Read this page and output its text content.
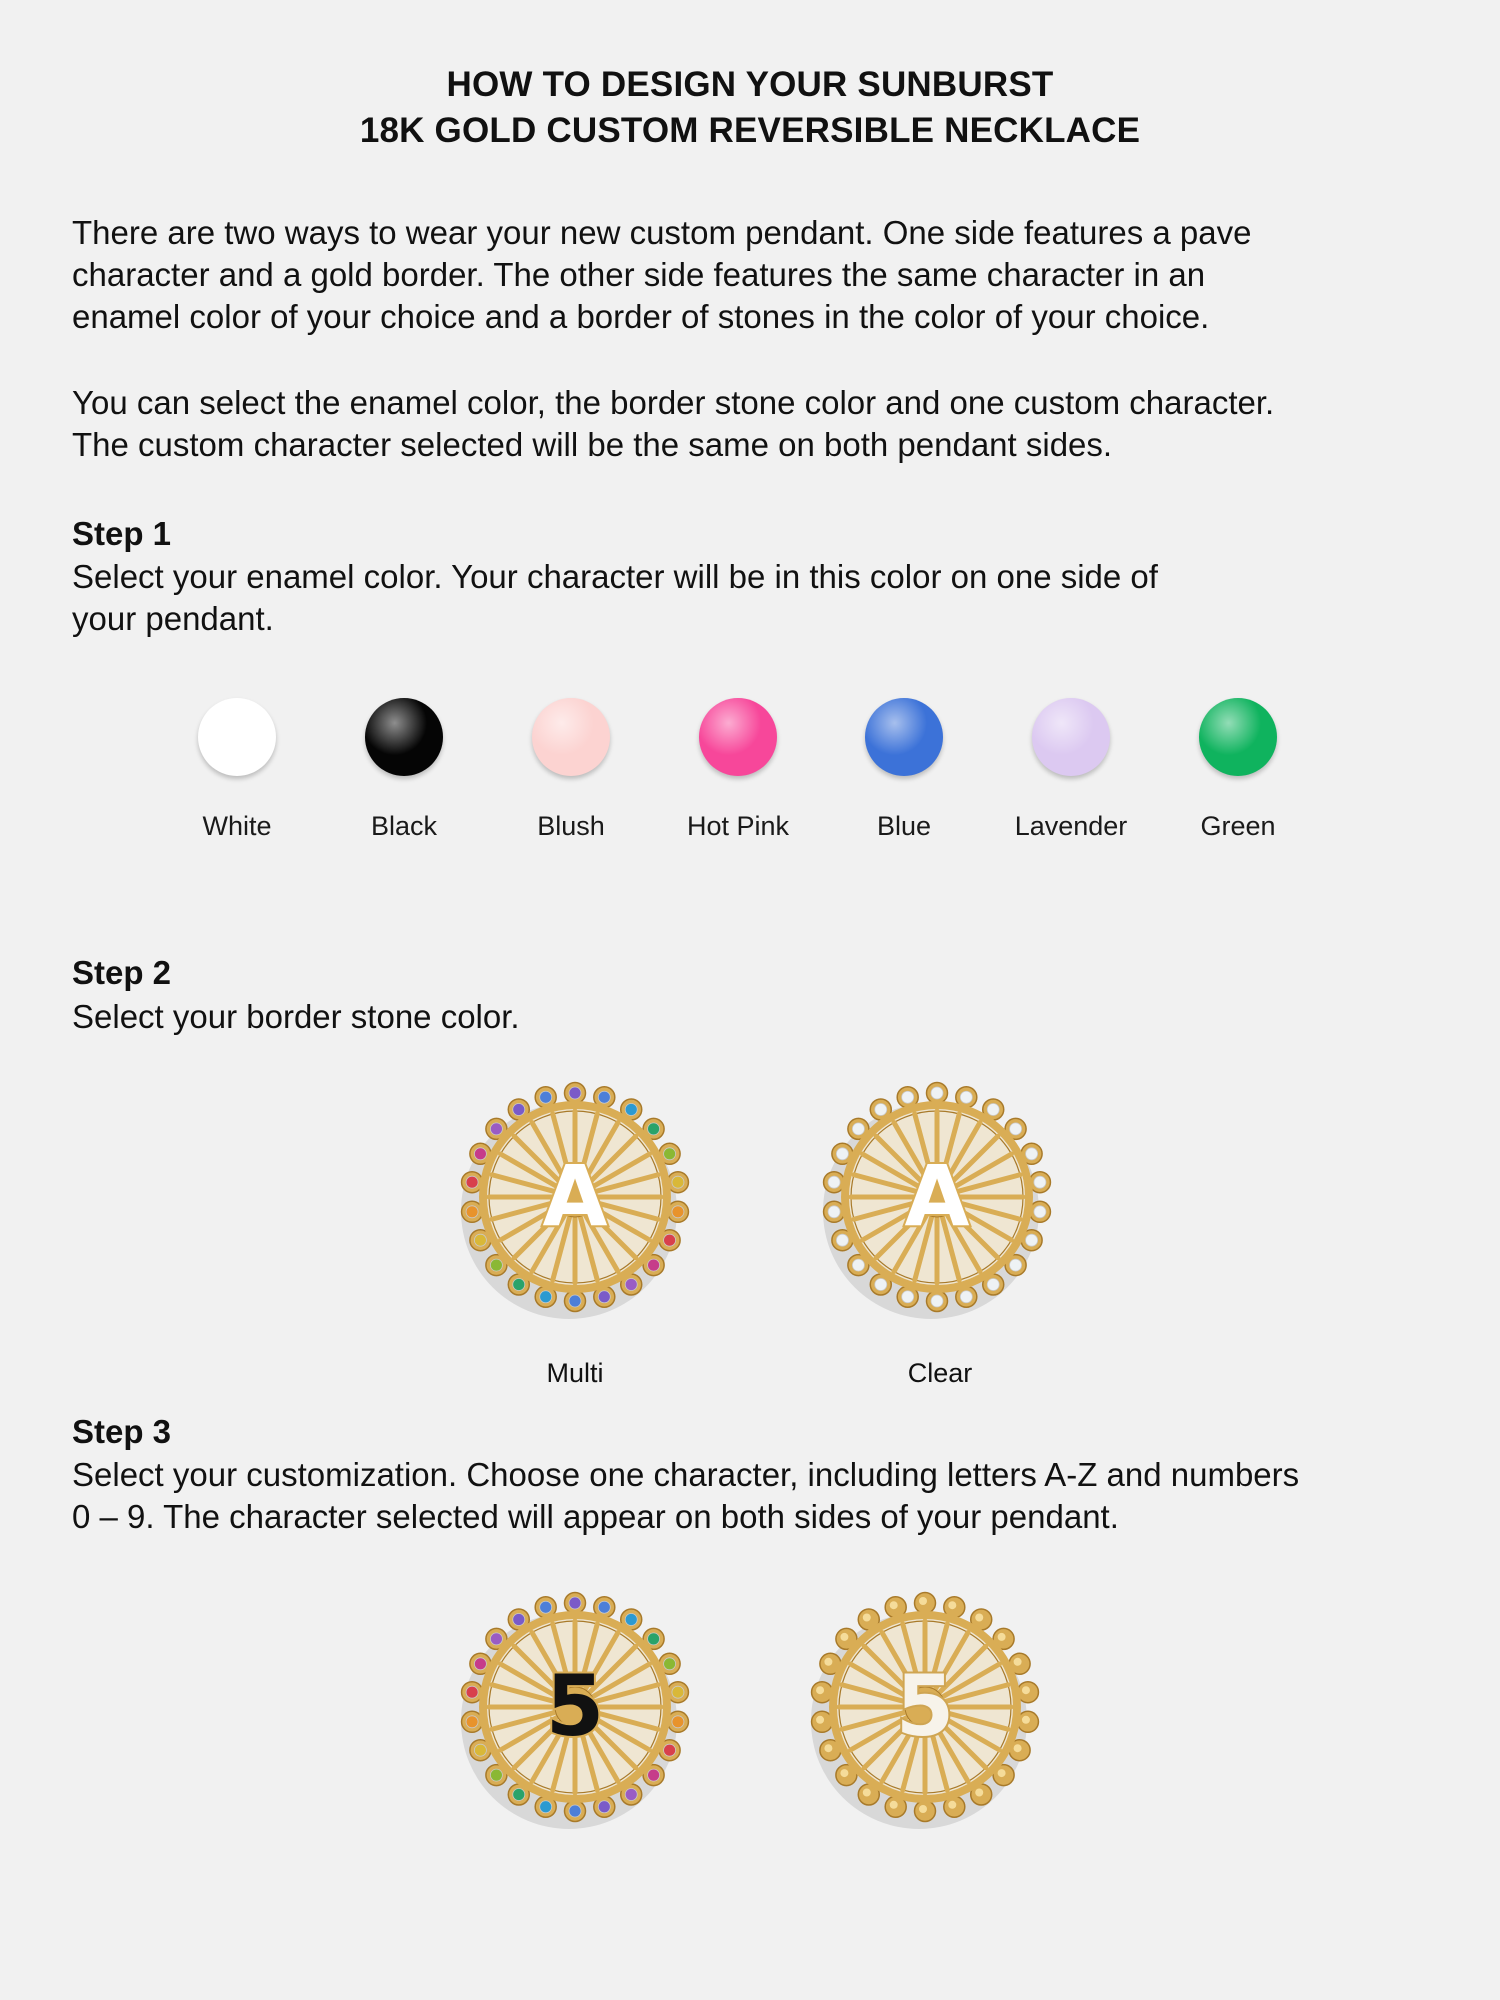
HOW TO DESIGN YOUR SUNBURST
18K GOLD CUSTOM REVERSIBLE NECKLACE

There are two ways to wear your new custom pendant. One side features a pave
character and a gold border. The other side features the same character in an
enamel color of your choice and a border of stones in the color of your choice.

You can select the enamel color, the border stone color and one custom character.
The custom character selected will be the same on both pendant sides.

Step 1

Select your enamel color. Your character will be in this color on one side of
your pendant.

White	Black	Blush	Hot Pink	Blue	Lavender	Green
Step 2

Select your border stone color.

A	A
Multi	Clear
Step 3

Select your customization. Choose one character, including letters A-Z and numbers
0 – 9. The character selected will appear on both sides of your pendant.

5	5
